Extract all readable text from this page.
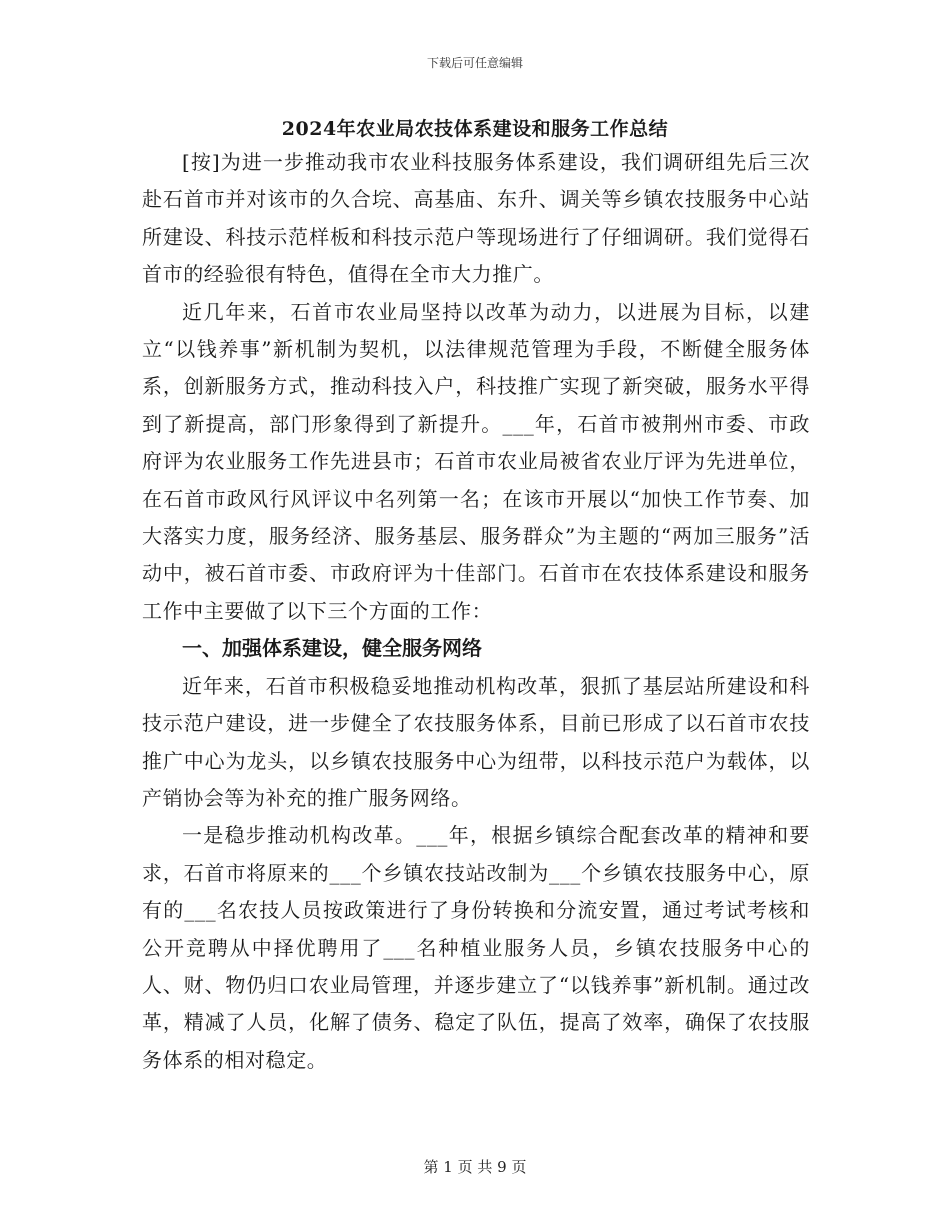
下载后可任意编辑
2024年农业局农技体系建设和服务工作总结

[按]为进一步推动我市农业科技服务体系建设，我们调研组先后三次赴石首市并对该市的久合垸、高基庙、东升、调关等乡镇农技服务中心站所建设、科技示范样板和科技示范户等现场进行了仔细调研。我们觉得石首市的经验很有特色，值得在全市大力推广。

近几年来，石首市农业局坚持以改革为动力，以进展为目标，以建立“以钱养事”新机制为契机，以法律规范管理为手段，不断健全服务体系，创新服务方式，推动科技入户，科技推广实现了新突破，服务水平得到了新提高，部门形象得到了新提升。___年，石首市被荆州市委、市政府评为农业服务工作先进县市；石首市农业局被省农业厅评为先进单位，在石首市政风行风评议中名列第一名；在该市开展以“加快工作节奏、加大落实力度，服务经济、服务基层、服务群众”为主题的“两加三服务”活动中，被石首市委、市政府评为十佳部门。石首市在农技体系建设和服务工作中主要做了以下三个方面的工作：

一、加强体系建设，健全服务网络

近年来，石首市积极稳妥地推动机构改革，狠抓了基层站所建设和科技示范户建设，进一步健全了农技服务体系，目前已形成了以石首市农技推广中心为龙头，以乡镇农技服务中心为纽带，以科技示范户为载体，以产销协会等为补充的推广服务网络。

一是稳步推动机构改革。___年，根据乡镇综合配套改革的精神和要求，石首市将原来的___个乡镇农技站改制为___个乡镇农技服务中心，原有的___名农技人员按政策进行了身份转换和分流安置，通过考试考核和公开竞聘从中择优聘用了___名种植业服务人员，乡镇农技服务中心的人、财、物仍归口农业局管理，并逐步建立了“以钱养事”新机制。通过改革，精减了人员，化解了债务、稳定了队伍，提高了效率，确保了农技服务体系的相对稳定。

第 1 页 共 9 页
